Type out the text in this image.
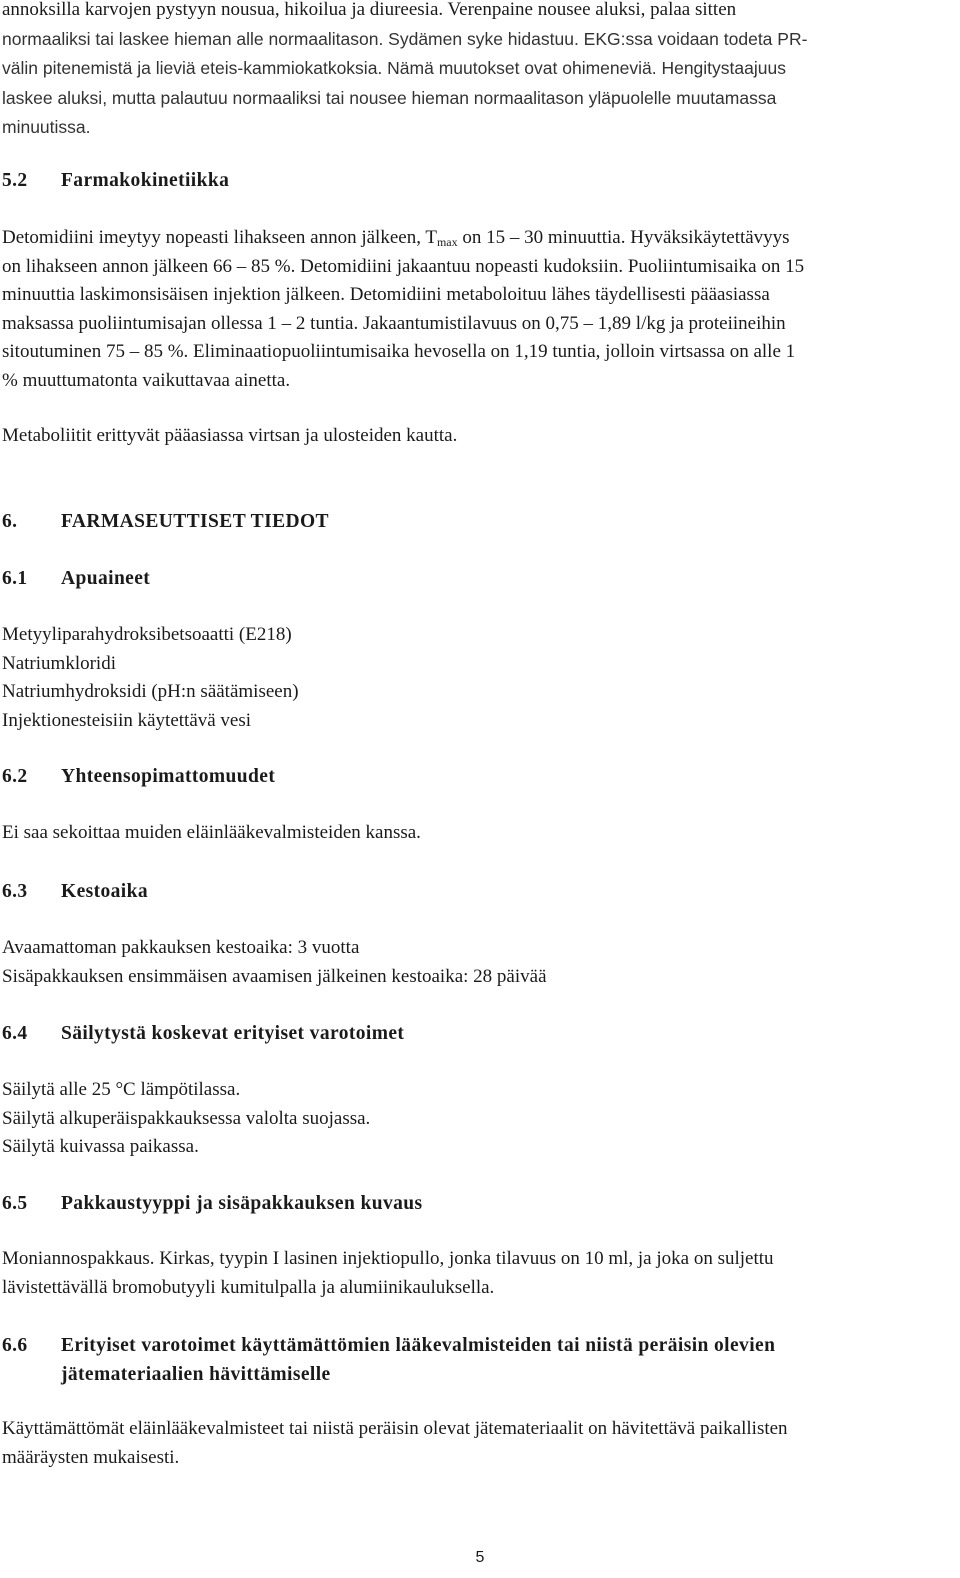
annoksilla karvojen pystyyn nousua, hikoilua ja diureesia. Verenpaine nousee aluksi, palaa sitten
normaaliksi tai laskee hieman alle normaalitason. Sydämen syke hidastuu. EKG:ssa voidaan todeta PR-
välin pitenemistä ja lieviä eteis-kammiokatkoksia. Nämä muutokset ovat ohimeneviä. Hengitystaajuus
laskee aluksi, mutta palautuu normaaliksi tai nousee hieman normaalitason yläpuolelle muutamassa
minuutissa.
5.2 Farmakokinetiikka
Detomidiini imeytyy nopeasti lihakseen annon jälkeen, $T_{max}$ on 15 – 30 minuuttia. Hyväksikäytettävyys
on lihakseen annon jälkeen 66 – 85 %. Detomidiini jakaantuu nopeasti kudoksiin. Puoliintumisaika on 15
minuuttia laskimonsisäisen injektion jälkeen. Detomidiini metaboloituu lähes täydellisesti pääasiassa
maksassa puoliintumisajan ollessa 1 – 2 tuntia. Jakaantumistilavuus on 0,75 – 1,89 l/kg ja proteiineihin
sitoutuminen 75 – 85 %. Eliminaatiopuoliintumisaika hevosella on 1,19 tuntia, jolloin virtsassa on alle 1
% muuttumatonta vaikuttavaa ainetta.
Metaboliitit erittyvät pääasiassa virtsan ja ulosteiden kautta.
6. FARMASEUTTISET TIEDOT
6.1 Apuaineet
Metyyliparahydroksibetsoaatti (E218)
Natriumkloridi
Natriumhydroksidi (pH:n säätämiseen)
Injektionesteisiin käytettävä vesi
6.2 Yhteensopimattomuudet
Ei saa sekoittaa muiden eläinlääkevalmisteiden kanssa.
6.3 Kestoaika
Avaamattoman pakkauksen kestoaika: 3 vuotta
Sisäpakkauksen ensimmäisen avaamisen jälkeinen kestoaika: 28 päivää
6.4 Säilytystä koskevat erityiset varotoimet
Säilytä alle 25 °C lämpötilassa.
Säilytä alkuperäispakkauksessa valolta suojassa.
Säilytä kuivassa paikassa.
6.5 Pakkaustyyppi ja sisäpakkauksen kuvaus
Moniannospakkaus. Kirkas, tyypin I lasinen injektiopullo, jonka tilavuus on 10 ml, ja joka on suljettu
lävistettävällä bromobutyyli kumitulpalla ja alumiinikauluksella.
6.6 Erityiset varotoimet käyttämättömien lääkevalmisteiden tai niistä peräisin olevien
jätemateriaalien hävittämiselle
Käyttämättömät eläinlääkevalmisteet tai niistä peräisin olevat jätemateriaalit on hävitettävä paikallisten
määräysten mukaisesti.
5
